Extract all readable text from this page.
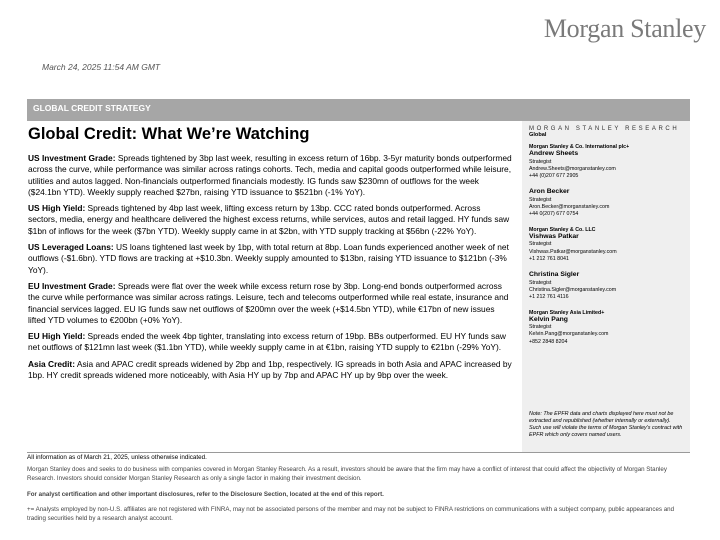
Morgan Stanley
March 24, 2025 11:54 AM GMT
GLOBAL CREDIT STRATEGY
Global Credit: What We’re Watching

US Investment Grade: Spreads tightened by 3bp last week, resulting in excess return of 16bp. 3-5yr maturity bonds outperformed across the curve, while performance was similar across ratings cohorts. Tech, media and capital goods outperformed while leisure, utilities and autos lagged. Non-financials outperformed financials modestly. IG funds saw $230mn of outflows for the week ($24.1bn YTD). Weekly supply reached $27bn, raising YTD issuance to $521bn (-1% YoY).

US High Yield: Spreads tightened by 4bp last week, lifting excess return by 13bp. CCC rated bonds outperformed. Across sectors, media, energy and healthcare delivered the highest excess returns, while services, autos and retail lagged. HY funds saw $1bn of inflows for the week ($7bn YTD). Weekly supply came in at $2bn, with YTD supply tracking at $56bn (-22% YoY).

US Leveraged Loans: US loans tightened last week by 1bp, with total return at 8bp. Loan funds experienced another week of net outflows (-$1.6bn). YTD flows are tracking at +$10.3bn. Weekly supply amounted to $13bn, raising YTD issuance to $121bn (-3% YoY).

EU Investment Grade: Spreads were flat over the week while excess return rose by 3bp. Long-end bonds outperformed across the curve while performance was similar across ratings. Leisure, tech and telecoms outperformed while real estate, insurance and financial services lagged. EU IG funds saw net outflows of $200mn over the week (+$14.5bn YTD), while €17bn of new issues lifted YTD volumes to €200bn (+0% YoY).

EU High Yield: Spreads ended the week 4bp tighter, translating into excess return of 19bp. BBs outperformed. EU HY funds saw net outflows of $121mn last week ($1.1bn YTD), while weekly supply came in at €1bn, raising YTD supply to €21bn (-29% YoY).

Asia Credit: Asia and APAC credit spreads widened by 2bp and 1bp, respectively. IG spreads in both Asia and APAC increased by 1bp. HY credit spreads widened more noticeably, with Asia HY up by 7bp and APAC HY up by 9bp over the week.

MORGAN STANLEY RESEARCH
Global
Morgan Stanley & Co. International plc+
Andrew Sheets
Strategist
Andrew.Sheets@morganstanley.com
+44 (0)207 677 2905
Aron Becker
Strategist
Aron.Becker@morganstanley.com
+44 0(207) 677 0754
Morgan Stanley & Co. LLC
Vishwas Patkar
Strategist
Vishwas.Patkar@morganstanley.com
+1 212 761 8041
Christina Sigler
Strategist
Christina.Sigler@morganstanley.com
+1 212 761 4116
Morgan Stanley Asia Limited+
Kelvin Pang
Strategist
Kelvin.Pang@morganstanley.com
+852 2848 8204
Note: The EPFR data and charts displayed here must not be extracted and republished (whether internally or externally). Such use will violate the terms of Morgan Stanley's contract with EPFR which only covers named users.

All information as of March 21, 2025, unless otherwise indicated.

Morgan Stanley does and seeks to do business with companies covered in Morgan Stanley Research. As a result, investors should be aware that the firm may have a conflict of interest that could affect the objectivity of Morgan Stanley Research. Investors should consider Morgan Stanley Research as only a single factor in making their investment decision.

For analyst certification and other important disclosures, refer to the Disclosure Section, located at the end of this report.

+= Analysts employed by non-U.S. affiliates are not registered with FINRA, may not be associated persons of the member and may not be subject to FINRA restrictions on communications with a subject company, public appearances and trading securities held by a research analyst account.
